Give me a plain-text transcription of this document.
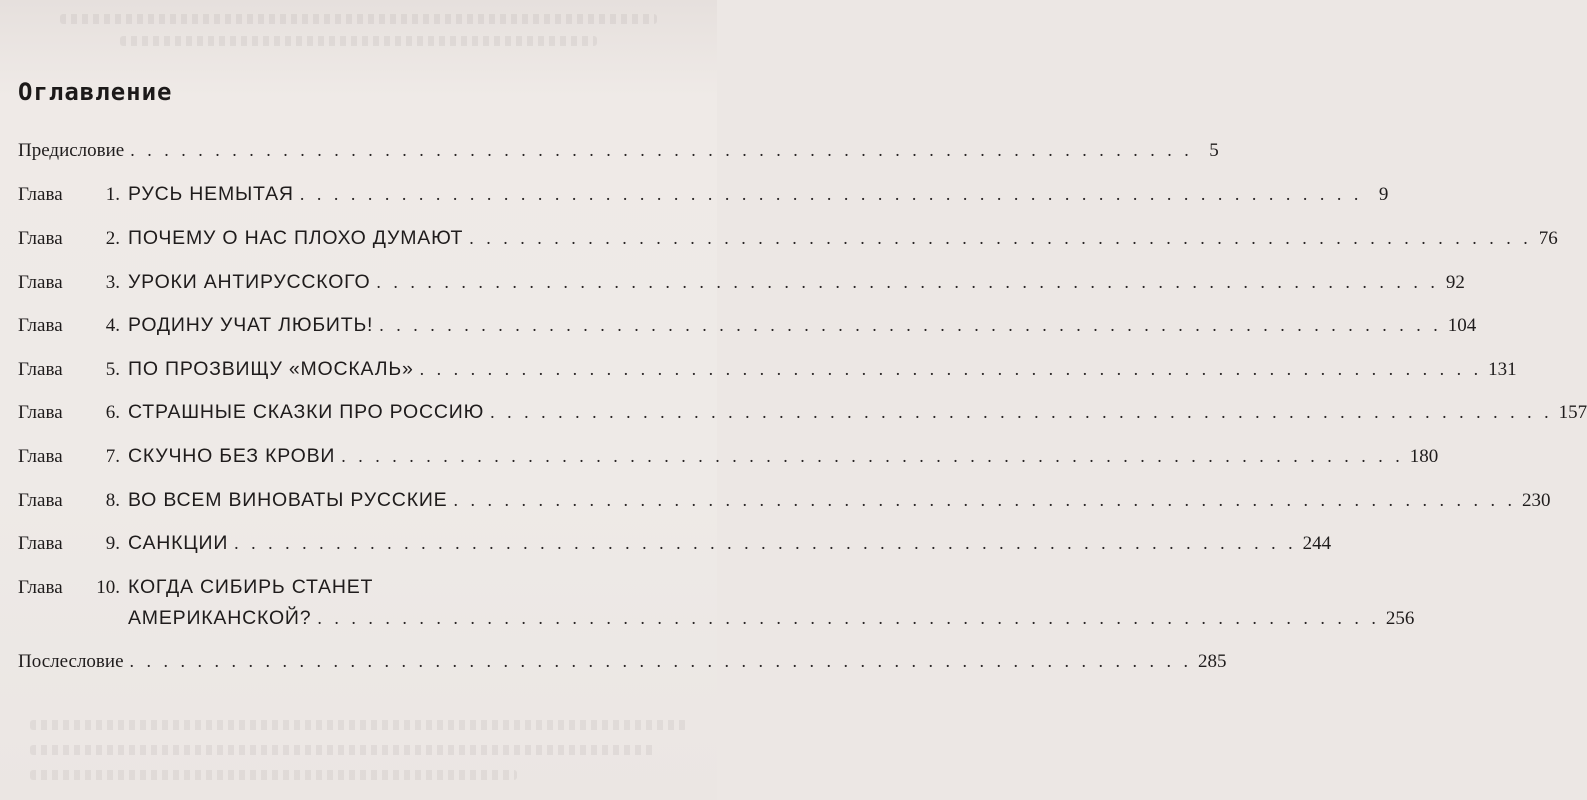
Оглавление
Предисловие . . . . . . . . . . . . . . . . . . . . . . . . . . . . . . . . . . . . . . . . . . . . . . . . . . . . . . . . . . . . . . . 5
Глава	1. РУСЬ НЕМЫТАЯ . . . . . . . . . . . . . . . . . . . . . . . . . . . . . . . . . . . . . . . . . . . . . . . . . . . . . . . . . . . . . . . 9
Глава	2. ПОЧЕМУ О НАС ПЛОХО ДУМАЮТ . . . . . . . . . . . . . . . . . . . . . . . . . . . . . . . . . . . . . . . . . . . . . . . . . . . . . . . . . . . . . . . 76
Глава	3. УРОКИ АНТИРУССКОГО . . . . . . . . . . . . . . . . . . . . . . . . . . . . . . . . . . . . . . . . . . . . . . . . . . . . . . . . . . . . . . . 92
Глава	4. РОДИНУ УЧАТ ЛЮБИТЬ! . . . . . . . . . . . . . . . . . . . . . . . . . . . . . . . . . . . . . . . . . . . . . . . . . . . . . . . . . . . . . . . 104
Глава	5. ПО ПРОЗВИЩУ «МОСКАЛЬ» . . . . . . . . . . . . . . . . . . . . . . . . . . . . . . . . . . . . . . . . . . . . . . . . . . . . . . . . . . . . . . . 131
Глава	6. СТРАШНЫЕ СКАЗКИ ПРО РОССИЮ . . . . . . . . . . . . . . . . . . . . . . . . . . . . . . . . . . . . . . . . . . . . . . . . . . . . . . . . . . . . . . . 157
Глава	7. СКУЧНО БЕЗ КРОВИ . . . . . . . . . . . . . . . . . . . . . . . . . . . . . . . . . . . . . . . . . . . . . . . . . . . . . . . . . . . . . . . 180
Глава	8. ВО ВСЕМ ВИНОВАТЫ РУССКИЕ . . . . . . . . . . . . . . . . . . . . . . . . . . . . . . . . . . . . . . . . . . . . . . . . . . . . . . . . . . . . . . . 230
Глава	9. САНКЦИИ . . . . . . . . . . . . . . . . . . . . . . . . . . . . . . . . . . . . . . . . . . . . . . . . . . . . . . . . . . . . . . . 244
Глава	10. КОГДА СИБИРЬ СТАНЕТ
АМЕРИКАНСКОЙ? . . . . . . . . . . . . . . . . . . . . . . . . . . . . . . . . . . . . . . . . . . . . . . . . . . . . . . . . . . . . . . . 256
Послесловие . . . . . . . . . . . . . . . . . . . . . . . . . . . . . . . . . . . . . . . . . . . . . . . . . . . . . . . . . . . . . . . 285
